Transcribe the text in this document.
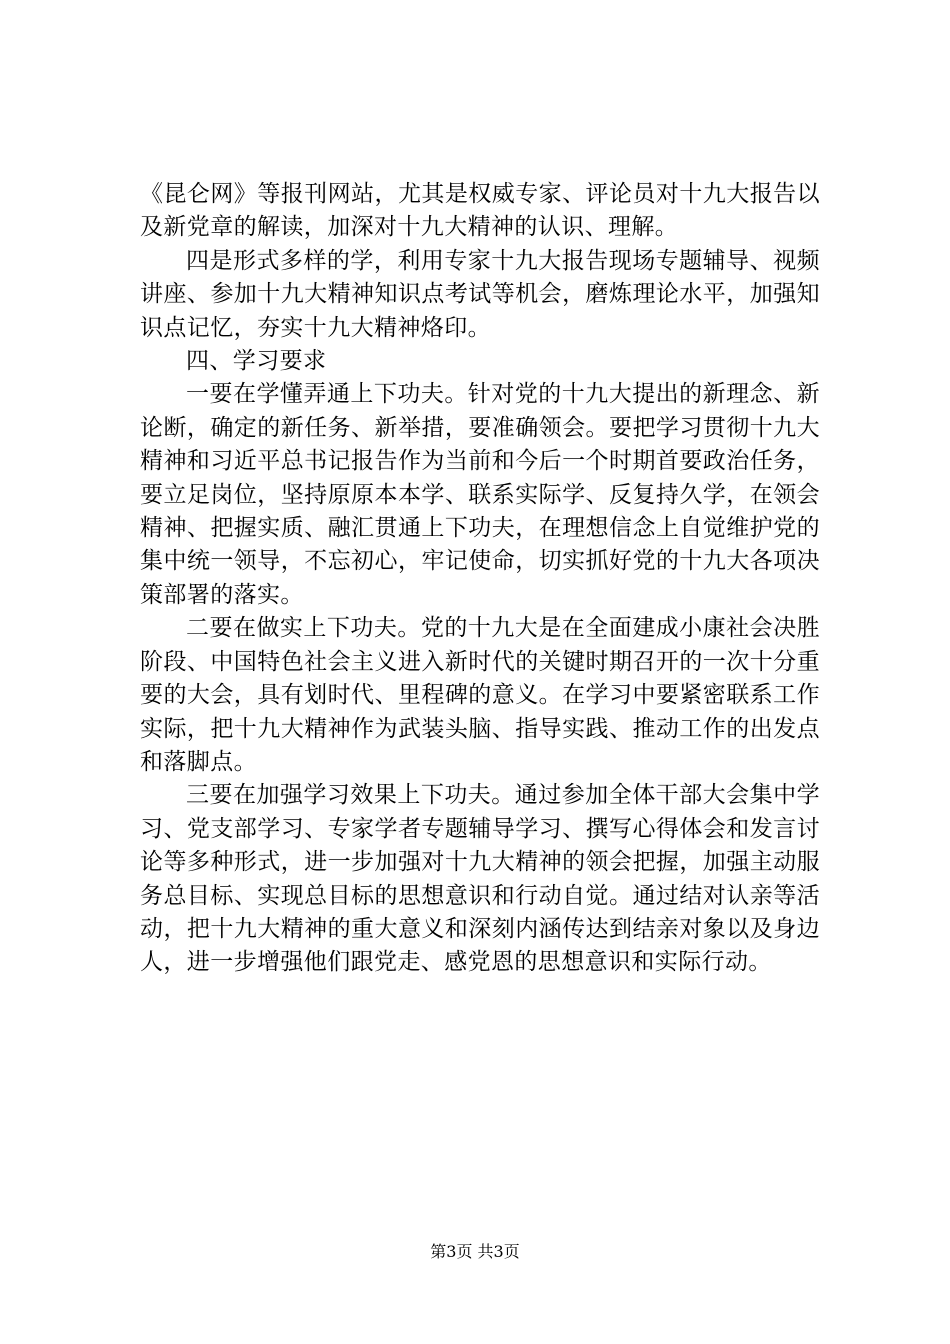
《昆仑网》等报刊网站，尤其是权威专家、评论员对十九大报告以及新党章的解读，加深对十九大精神的认识、理解。

四是形式多样的学，利用专家十九大报告现场专题辅导、视频讲座、参加十九大精神知识点考试等机会，磨炼理论水平，加强知识点记忆，夯实十九大精神烙印。

四、学习要求

一要在学懂弄通上下功夫。针对党的十九大提出的新理念、新论断，确定的新任务、新举措，要准确领会。要把学习贯彻十九大精神和习近平总书记报告作为当前和今后一个时期首要政治任务，要立足岗位，坚持原原本本学、联系实际学、反复持久学，在领会精神、把握实质、融汇贯通上下功夫，在理想信念上自觉维护党的集中统一领导，不忘初心，牢记使命，切实抓好党的十九大各项决策部署的落实。

二要在做实上下功夫。党的十九大是在全面建成小康社会决胜阶段、中国特色社会主义进入新时代的关键时期召开的一次十分重要的大会，具有划时代、里程碑的意义。在学习中要紧密联系工作实际，把十九大精神作为武装头脑、指导实践、推动工作的出发点和落脚点。

三要在加强学习效果上下功夫。通过参加全体干部大会集中学习、党支部学习、专家学者专题辅导学习、撰写心得体会和发言讨论等多种形式，进一步加强对十九大精神的领会把握，加强主动服务总目标、实现总目标的思想意识和行动自觉。通过结对认亲等活动，把十九大精神的重大意义和深刻内涵传达到结亲对象以及身边人，进一步增强他们跟党走、感党恩的思想意识和实际行动。

第3页 共3页
